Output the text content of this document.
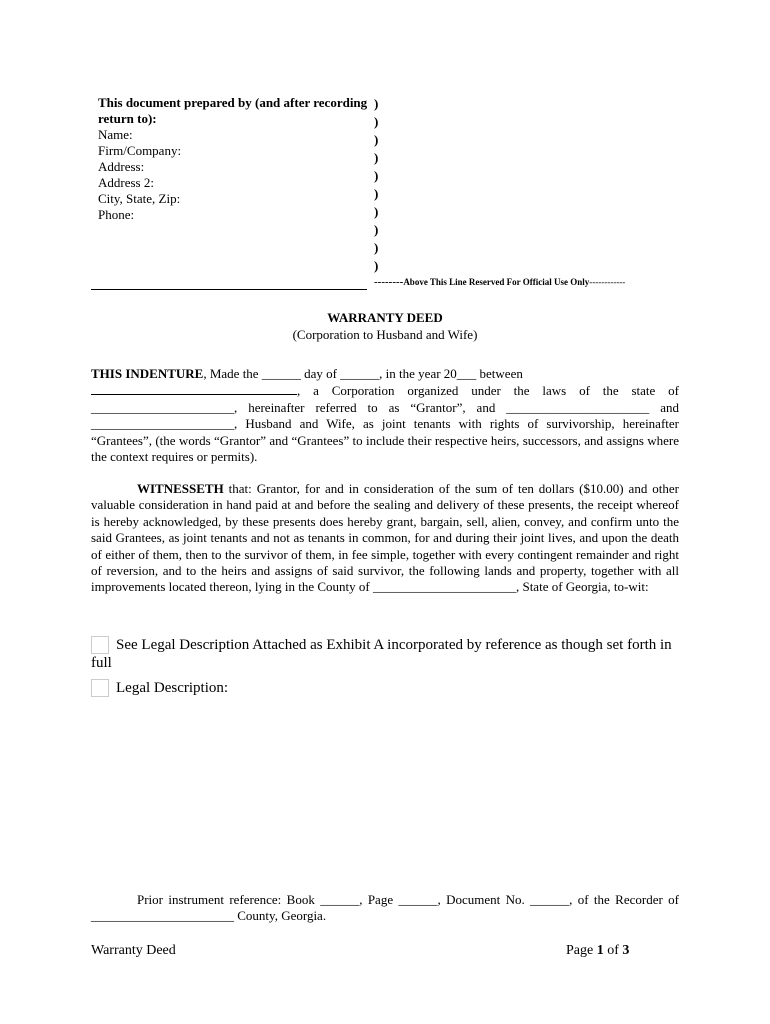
This document prepared by (and after recording return to):
Name:
Firm/Company:
Address:
Address 2:
City, State, Zip:
Phone:
)
)
)
)
)
)
)
)
)
)
--------Above This Line Reserved For Official Use Only------------
WARRANTY DEED
(Corporation to Husband and Wife)
THIS INDENTURE, Made the ______ day of ______, in the year 20___ between
, a Corporation organized under the laws of the state of ______________________, hereinafter referred to as “Grantor”, and ______________________ and ______________________, Husband and Wife, as joint tenants with rights of survivorship, hereinafter “Grantees”, (the words “Grantor” and “Grantees” to include their respective heirs, successors, and assigns where the context requires or permits).
WITNESSETH that: Grantor, for and in consideration of the sum of ten dollars ($10.00) and other valuable consideration in hand paid at and before the sealing and delivery of these presents, the receipt whereof is hereby acknowledged, by these presents does hereby grant, bargain, sell, alien, convey, and confirm unto the said Grantees, as joint tenants and not as tenants in common, for and during their joint lives, and upon the death of either of them, then to the survivor of them, in fee simple, together with every contingent remainder and right of reversion, and to the heirs and assigns of said survivor, the following lands and property, together with all improvements located thereon, lying in the County of ______________________, State of Georgia, to-wit:
See Legal Description Attached as Exhibit A incorporated by reference as though set forth in full
Legal Description:
Prior instrument reference: Book ______, Page ______, Document No. ______, of the Recorder of ______________________ County, Georgia.
Warranty Deed	Page 1 of 3
